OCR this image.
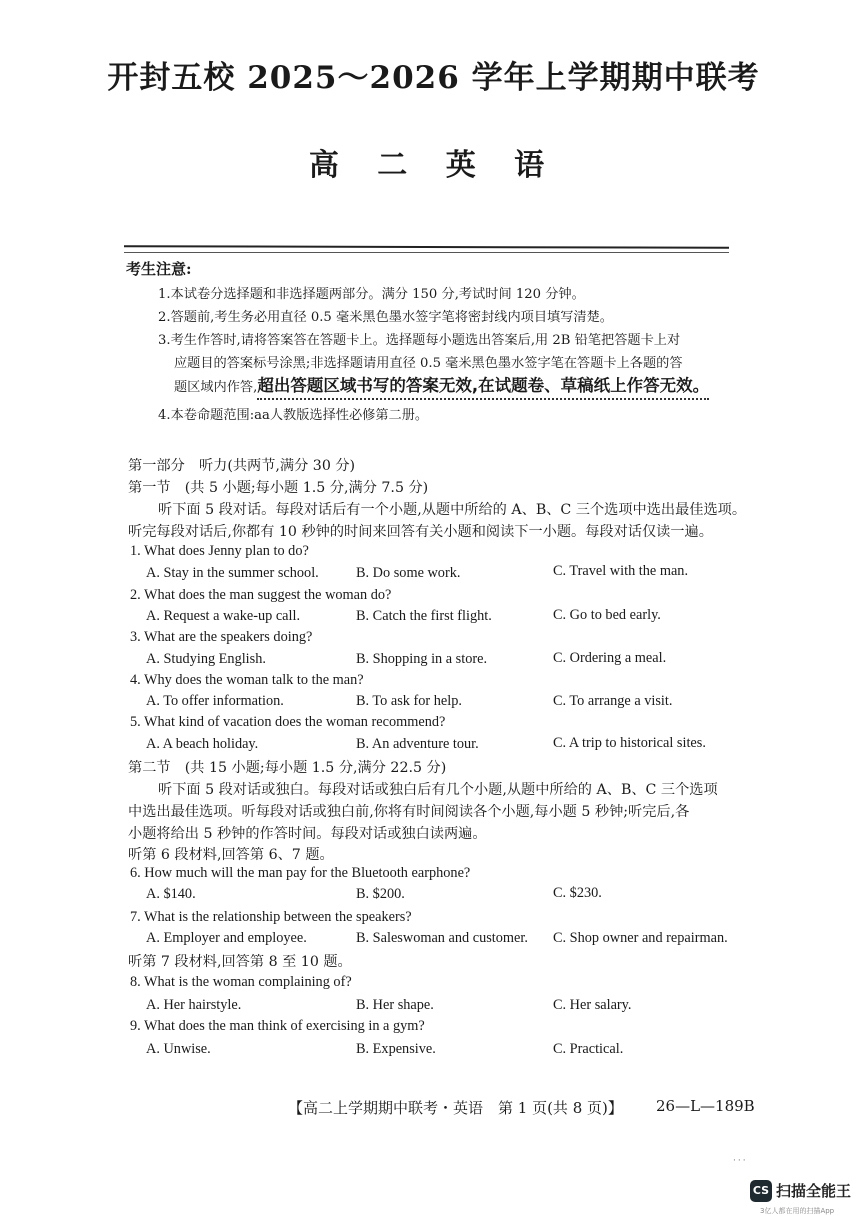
开封五校 2025～2026 学年上学期期中联考
高 二 英 语
考生注意:
1.本试卷分选择题和非选择题两部分。满分 150 分,考试时间 120 分钟。
2.答题前,考生务必用直径 0.5 毫米黑色墨水签字笔将密封线内项目填写清楚。
3.考生作答时,请将答案答在答题卡上。选择题每小题选出答案后,用 2B 铅笔把答题卡上对
应题目的答案标号涂黑;非选择题请用直径 0.5 毫米黑色墨水签字笔在答题卡上各题的答
题区域内作答,超出答题区域书写的答案无效,在试题卷、草稿纸上作答无效。
4.本卷命题范围:aa人教版选择性必修第二册。
第一部分　听力(共两节,满分 30 分)
第一节　(共 5 小题;每小题 1.5 分,满分 7.5 分)
听下面 5 段对话。每段对话后有一个小题,从题中所给的 A、B、C 三个选项中选出最佳选项。
听完每段对话后,你都有 10 秒钟的时间来回答有关小题和阅读下一小题。每段对话仅读一遍。
1. What does Jenny plan to do?
A. Stay in the summer school.	B. Do some work.	C. Travel with the man.
2. What does the man suggest the woman do?
A. Request a wake-up call.	B. Catch the first flight.	C. Go to bed early.
3. What are the speakers doing?
A. Studying English.	B. Shopping in a store.	C. Ordering a meal.
4. Why does the woman talk to the man?
A. To offer information.	B. To ask for help.	C. To arrange a visit.
5. What kind of vacation does the woman recommend?
A. A beach holiday.	B. An adventure tour.	C. A trip to historical sites.
第二节　(共 15 小题;每小题 1.5 分,满分 22.5 分)
听下面 5 段对话或独白。每段对话或独白后有几个小题,从题中所给的 A、B、C 三个选项
中选出最佳选项。听每段对话或独白前,你将有时间阅读各个小题,每小题 5 秒钟;听完后,各
小题将给出 5 秒钟的作答时间。每段对话或独白读两遍。
听第 6 段材料,回答第 6、7 题。
6. How much will the man pay for the Bluetooth earphone?
A. $140.	B. $200.	C. $230.
7. What is the relationship between the speakers?
A. Employer and employee.	B. Saleswoman and customer. C. Shop owner and repairman.
听第 7 段材料,回答第 8 至 10 题。
8. What is the woman complaining of?
A. Her hairstyle.	B. Her shape.	C. Her salary.
9. What does the man think of exercising in a gym?
A. Unwise.	B. Expensive.	C. Practical.
【高二上学期期中联考・英语　第 1 页(共 8 页)】 26—L—189B
···
CS 扫描全能王
3亿人都在用的扫描App
